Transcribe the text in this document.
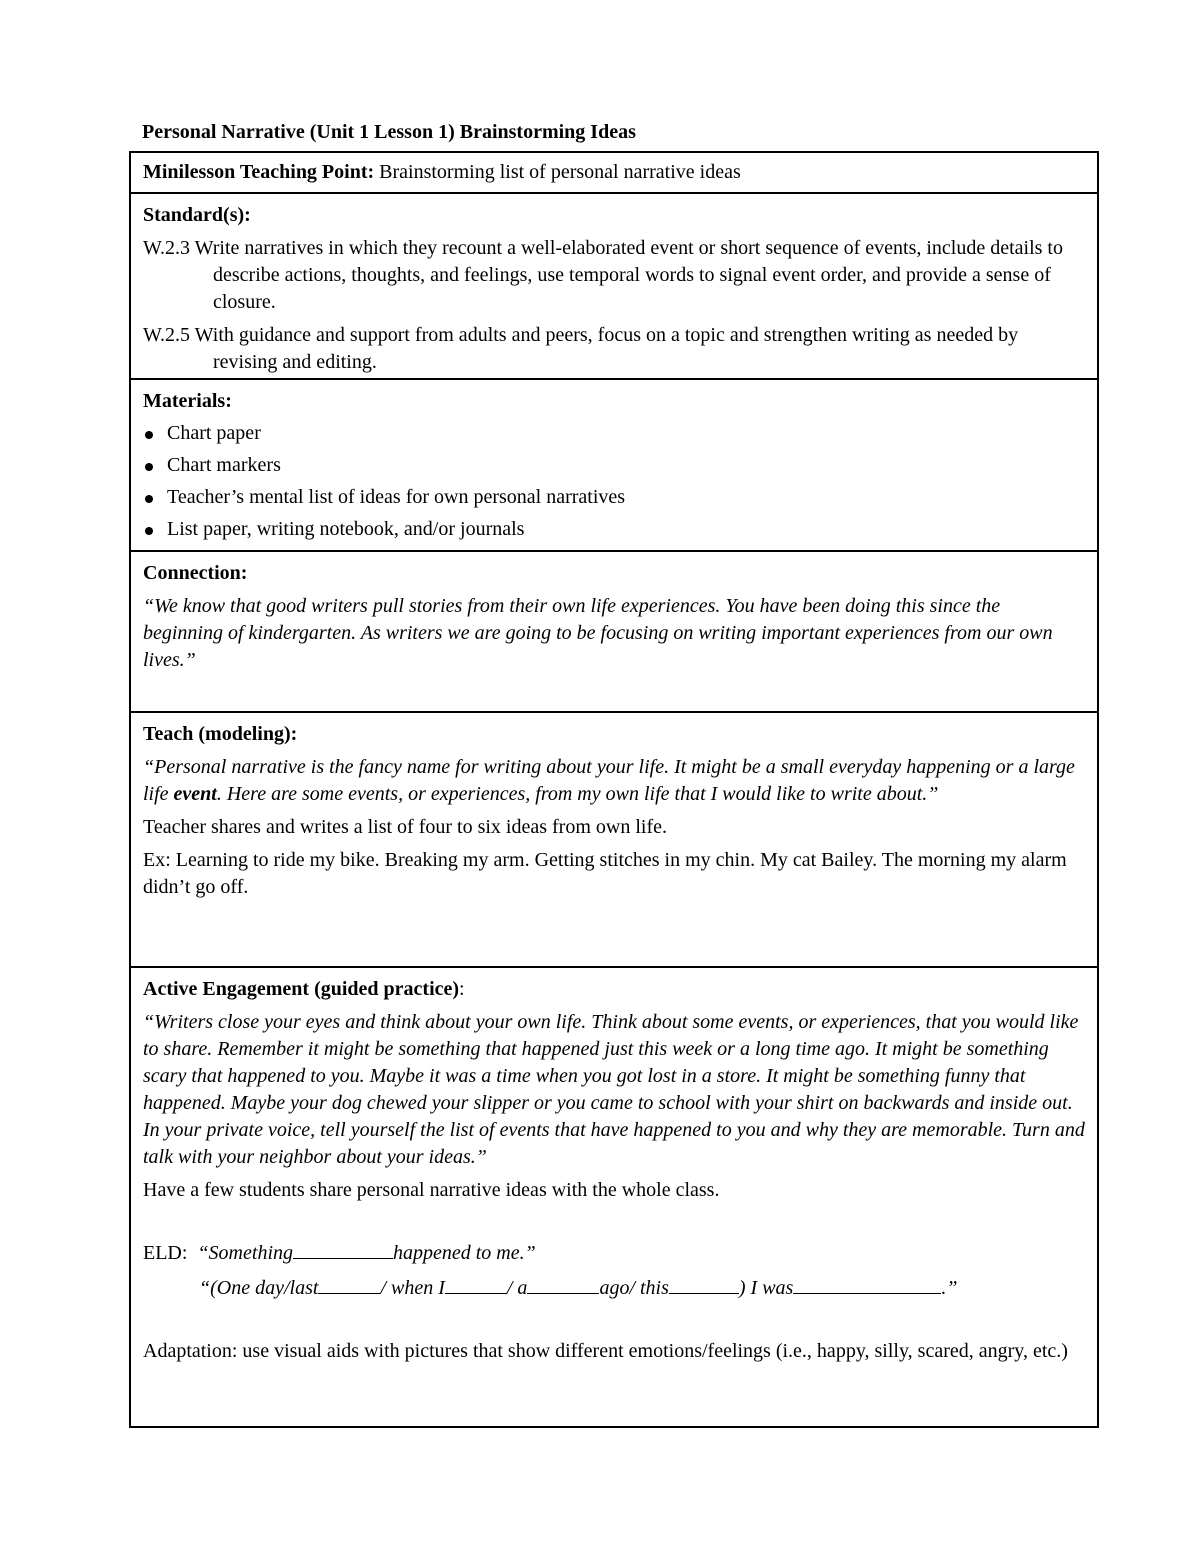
Personal Narrative (Unit 1 Lesson 1) Brainstorming Ideas
Minilesson Teaching Point: Brainstorming list of personal narrative ideas

Standard(s):

W.2.3 Write narratives in which they recount a well-elaborated event or short sequence of events, include details to describe actions, thoughts, and feelings, use temporal words to signal event order, and provide a sense of closure.

W.2.5 With guidance and support from adults and peers, focus on a topic and strengthen writing as needed by revising and editing.

Materials:

Chart paper
Chart markers
Teacher’s mental list of ideas for own personal narratives
List paper, writing notebook, and/or journals

Connection:

“We know that good writers pull stories from their own life experiences. You have been doing this since the beginning of kindergarten. As writers we are going to be focusing on writing important experiences from our own lives.”

Teach (modeling):

“Personal narrative is the fancy name for writing about your life. It might be a small everyday happening or a large life event. Here are some events, or experiences, from my own life that I would like to write about.”

Teacher shares and writes a list of four to six ideas from own life.

Ex: Learning to ride my bike. Breaking my arm. Getting stitches in my chin. My cat Bailey. The morning my alarm didn’t go off.

Active Engagement (guided practice):

“Writers close your eyes and think about your own life. Think about some events, or experiences, that you would like to share. Remember it might be something that happened just this week or a long time ago. It might be something scary that happened to you. Maybe it was a time when you got lost in a store. It might be something funny that happened. Maybe your dog chewed your slipper or you came to school with your shirt on backwards and inside out. In your private voice, tell yourself the list of events that have happened to you and why they are memorable. Turn and talk with your neighbor about your ideas.”

Have a few students share personal narrative ideas with the whole class.

ELD: “Something	happened to me.”

“(One day/last	/ when I	/ a	ago/ this	) I was	.”

Adaptation: use visual aids with pictures that show different emotions/feelings (i.e., happy, silly, scared, angry, etc.)
